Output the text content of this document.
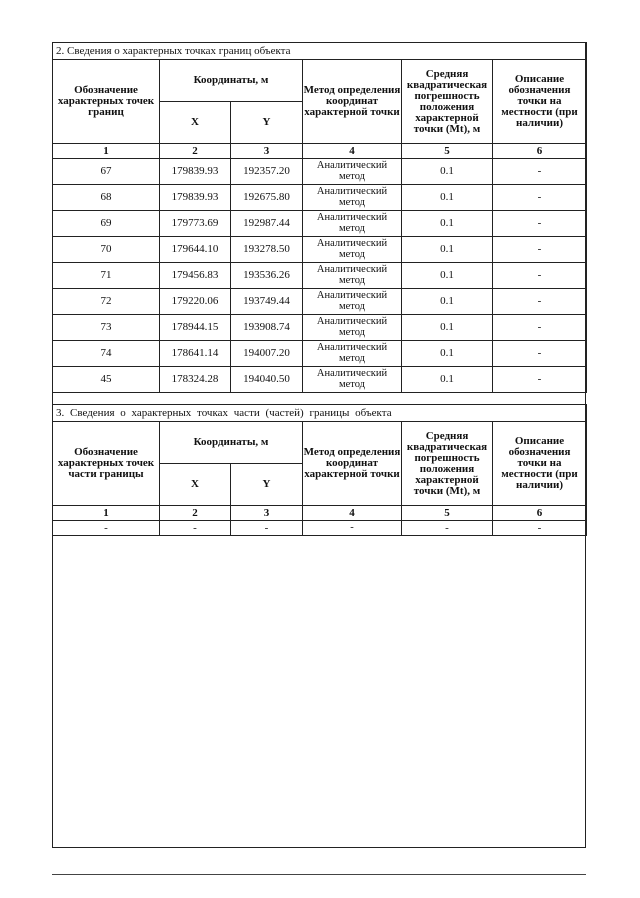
2. Сведения о характерных точках границ объекта					
Обозначение характерных точек границ	Координаты, м		Метод определения координат характерной точки	Средняя квадратическая погрешность положения характерной точки (Mt), м	Описание обозначения точки на местности (при наличии)
	X	Y			
1	2	3	4	5	6
67	179839.93	192357.20	Аналитический метод	0.1	-
68	179839.93	192675.80	Аналитический метод	0.1	-
69	179773.69	192987.44	Аналитический метод	0.1	-
70	179644.10	193278.50	Аналитический метод	0.1	-
71	179456.83	193536.26	Аналитический метод	0.1	-
72	179220.06	193749.44	Аналитический метод	0.1	-
73	178944.15	193908.74	Аналитический метод	0.1	-
74	178641.14	194007.20	Аналитический метод	0.1	-
45	178324.28	194040.50	Аналитический метод	0.1	-
3. Сведения о характерных точках части (частей) границы объекта					
Обозначение характерных точек части границы	Координаты, м		Метод определения координат характерной точки	Средняя квадратическая погрешность положения характерной точки (Mt), м	Описание обозначения точки на местности (при наличии)
	X	Y			
1	2	3	4	5	6
-	-	-	-	-	-
